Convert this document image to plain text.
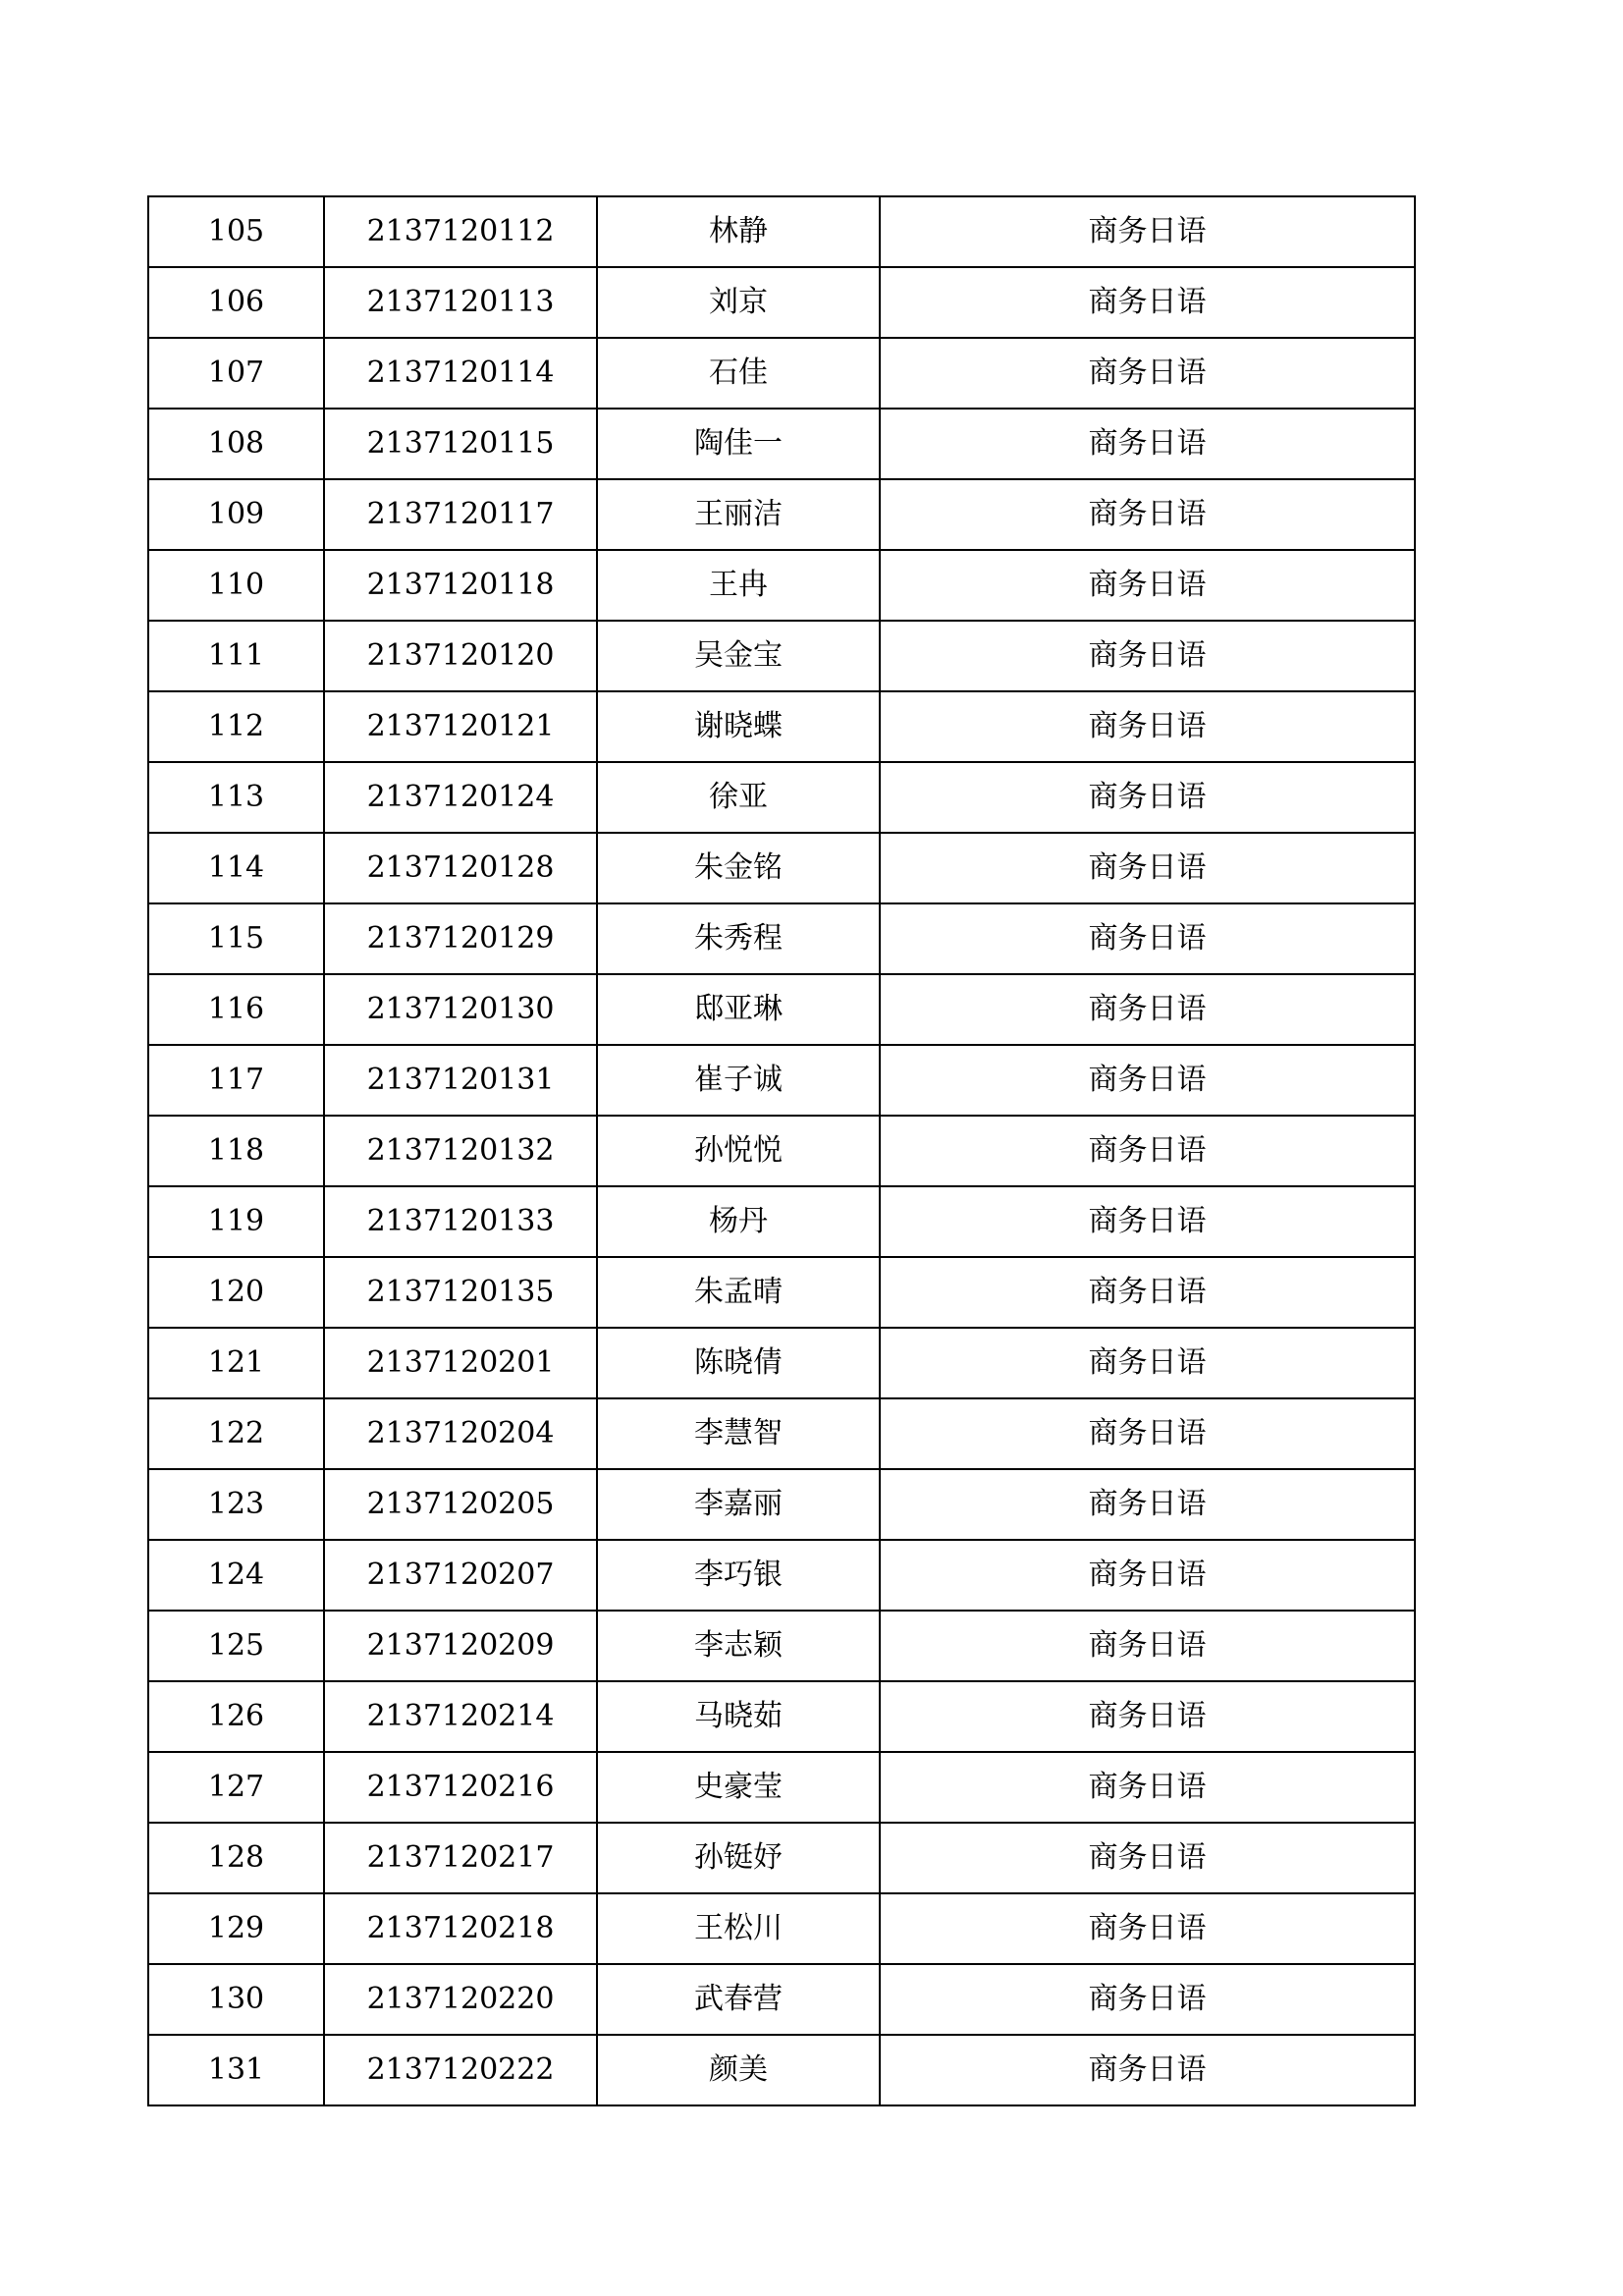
105	2137120112	林静	商务日语
106	2137120113	刘京	商务日语
107	2137120114	石佳	商务日语
108	2137120115	陶佳一	商务日语
109	2137120117	王丽洁	商务日语
110	2137120118	王冉	商务日语
111	2137120120	吴金宝	商务日语
112	2137120121	谢晓蝶	商务日语
113	2137120124	徐亚	商务日语
114	2137120128	朱金铭	商务日语
115	2137120129	朱秀程	商务日语
116	2137120130	邸亚琳	商务日语
117	2137120131	崔子诚	商务日语
118	2137120132	孙悦悦	商务日语
119	2137120133	杨丹	商务日语
120	2137120135	朱孟晴	商务日语
121	2137120201	陈晓倩	商务日语
122	2137120204	李慧智	商务日语
123	2137120205	李嘉丽	商务日语
124	2137120207	李巧银	商务日语
125	2137120209	李志颖	商务日语
126	2137120214	马晓茹	商务日语
127	2137120216	史豪莹	商务日语
128	2137120217	孙铤妤	商务日语
129	2137120218	王松川	商务日语
130	2137120220	武春营	商务日语
131	2137120222	颜美	商务日语
